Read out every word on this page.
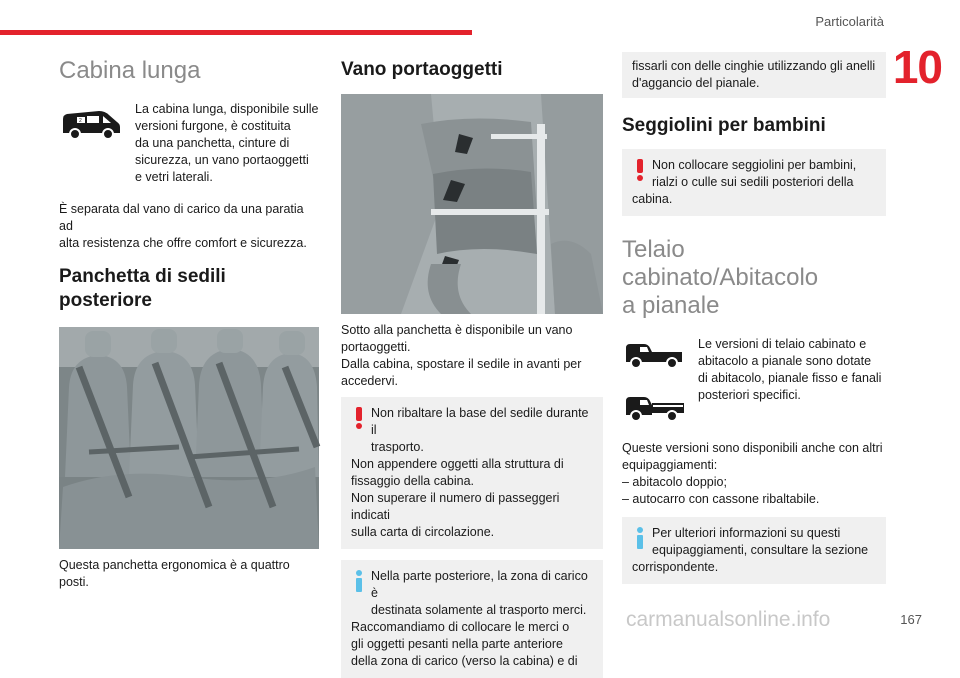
Particolarità
10
Cabina lunga
2
La cabina lunga, disponibile sulle
versioni furgone, è costituita
da una panchetta, cinture di
sicurezza, un vano portaoggetti
e vetri laterali.
È separata dal vano di carico da una paratia ad
alta resistenza che offre comfort e sicurezza.
Panchetta di sedili
posteriore
Questa panchetta ergonomica è a quattro posti.
Vano portaoggetti
Sotto alla panchetta è disponibile un vano
portaoggetti.
Dalla cabina, spostare il sedile in avanti per
accedervi.
Non ribaltare la base del sedile durante il
trasporto.
Non appendere oggetti alla struttura di
fissaggio della cabina.
Non superare il numero di passeggeri indicati
sulla carta di circolazione.
Nella parte posteriore, la zona di carico è
destinata solamente al trasporto merci.
Raccomandiamo di collocare le merci o
gli oggetti pesanti nella parte anteriore
della zona di carico (verso la cabina) e di
fissarli con delle cinghie utilizzando gli anelli
d'aggancio del pianale.
Seggiolini per bambini
Non collocare seggiolini per bambini,
rialzi o culle sui sedili posteriori della
cabina.
Telaio cabinato/Abitacolo
a pianale

Le versioni di telaio cabinato e
abitacolo a pianale sono dotate
di abitacolo, pianale fisso e fanali
posteriori specifici.
Queste versioni sono disponibili anche con altri
equipaggiamenti:
– abitacolo doppio;
– autocarro con cassone ribaltabile.
Per ulteriori informazioni su questi
equipaggiamenti, consultare la sezione
corrispondente.
carmanualsonline.info	167
